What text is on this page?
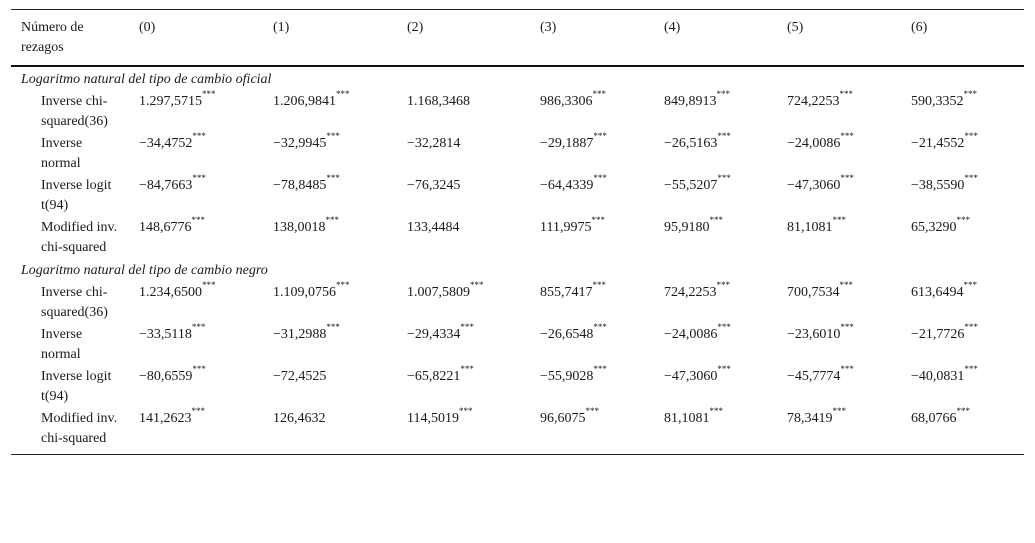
Número de rezagos	(0)	(1)	(2)	(3)	(4)	(5)	(6)
Logaritmo natural del tipo de cambio oficial							
Inverse chi-squared(36)	1.297,5715***	1.206,9841***	1.168,3468	986,3306***	849,8913***	724,2253***	590,3352***
Inverse normal	−34,4752***	−32,9945***	−32,2814	−29,1887***	−26,5163***	−24,0086***	−21,4552***
Inverse logit t(94)	−84,7663***	−78,8485***	−76,3245	−64,4339***	−55,5207***	−47,3060***	−38,5590***
Modified inv. chi-squared	148,6776***	138,0018***	133,4484	111,9975***	95,9180***	81,1081***	65,3290***
Logaritmo natural del tipo de cambio negro							
Inverse chi-squared(36)	1.234,6500***	1.109,0756***	1.007,5809***	855,7417***	724,2253***	700,7534***	613,6494***
Inverse normal	−33,5118***	−31,2988***	−29,4334***	−26,6548***	−24,0086***	−23,6010***	−21,7726***
Inverse logit t(94)	−80,6559***	−72,4525	−65,8221***	−55,9028***	−47,3060***	−45,7774***	−40,0831***
Modified inv. chi-squared	141,2623***	126,4632	114,5019***	96,6075***	81,1081***	78,3419***	68,0766***
